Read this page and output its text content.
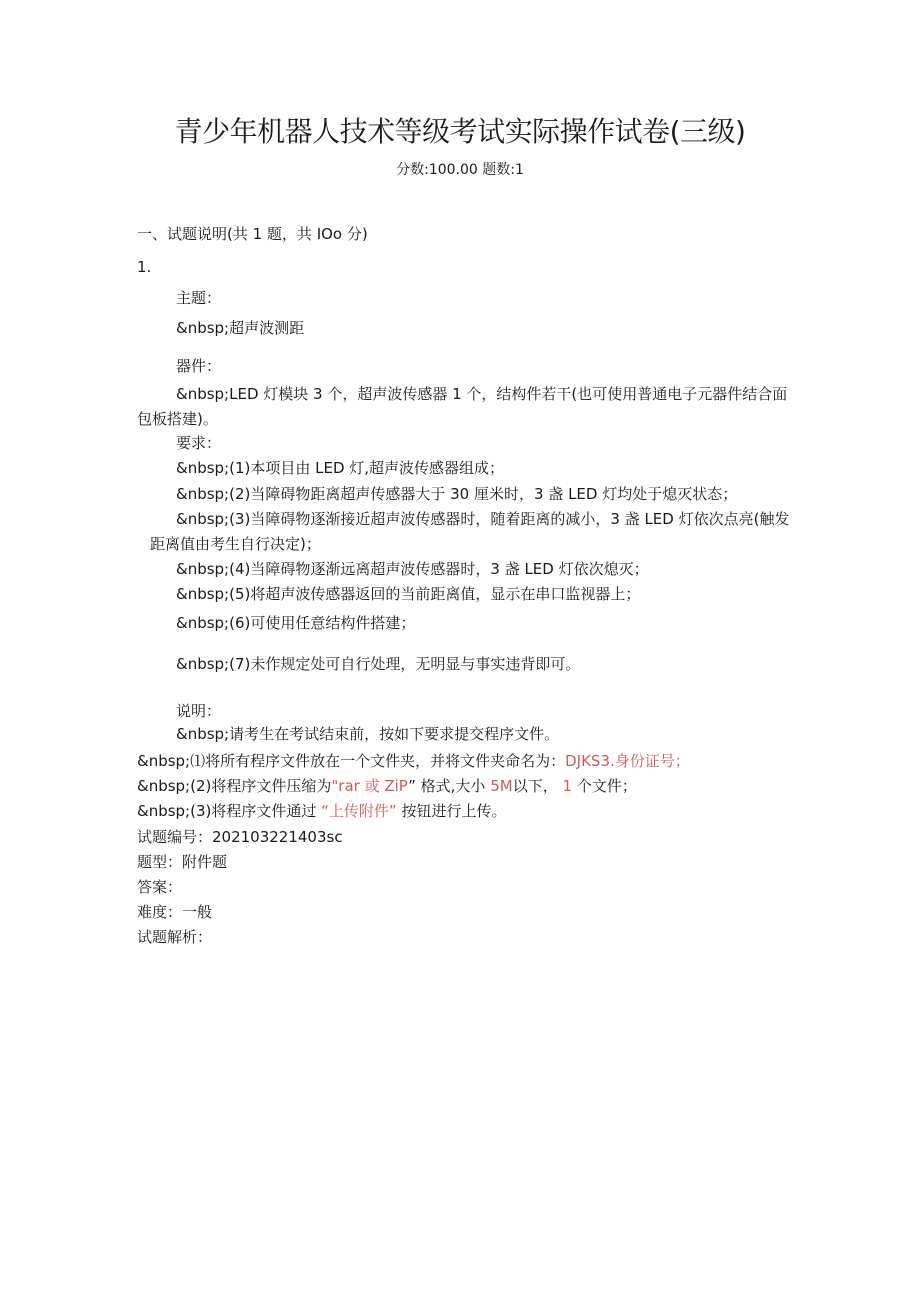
青少年机器人技术等级考试实际操作试卷(三级)
分数:100.00 题数:1
一、试题说明(共 1 题，共 IOo 分)
1.
主题：
&nbsp;超声波测距
器件：
&nbsp;LED 灯模块 3 个，超声波传感器 1 个，结构件若干(也可使用普通电子元器件结合面
包板搭建)。
要求：
&nbsp;(1)本项目由 LED 灯,超声波传感器组成；
&nbsp;(2)当障碍物距离超声传感器大于 30 厘米时，3 盏 LED 灯均处于熄灭状态；
&nbsp;(3)当障碍物逐渐接近超声波传感器时，随着距离的减小，3 盏 LED 灯依次点亮(触发
距离值由考生自行决定)；
&nbsp;(4)当障碍物逐渐远离超声波传感器时，3 盏 LED 灯依次熄灭；
&nbsp;(5)将超声波传感器返回的当前距离值，显示在串口监视器上；
&nbsp;(6)可使用任意结构件搭建；
&nbsp;(7)未作规定处可自行处理，无明显与事实违背即可。
说明：
&nbsp;请考生在考试结束前，按如下要求提交程序文件。
&nbsp;⑴将所有程序文件放在一个文件夹，并将文件夹命名为：DJKS3.身份证号；
&nbsp;(2)将程序文件压缩为"rar 或 ZiP” 格式,大小 5M以下， 1 个文件；
&nbsp;(3)将程序文件通过 “上传附件” 按钮进行上传。
试题编号：202103221403sc
题型：附件题
答案：
难度：一般
试题解析：
